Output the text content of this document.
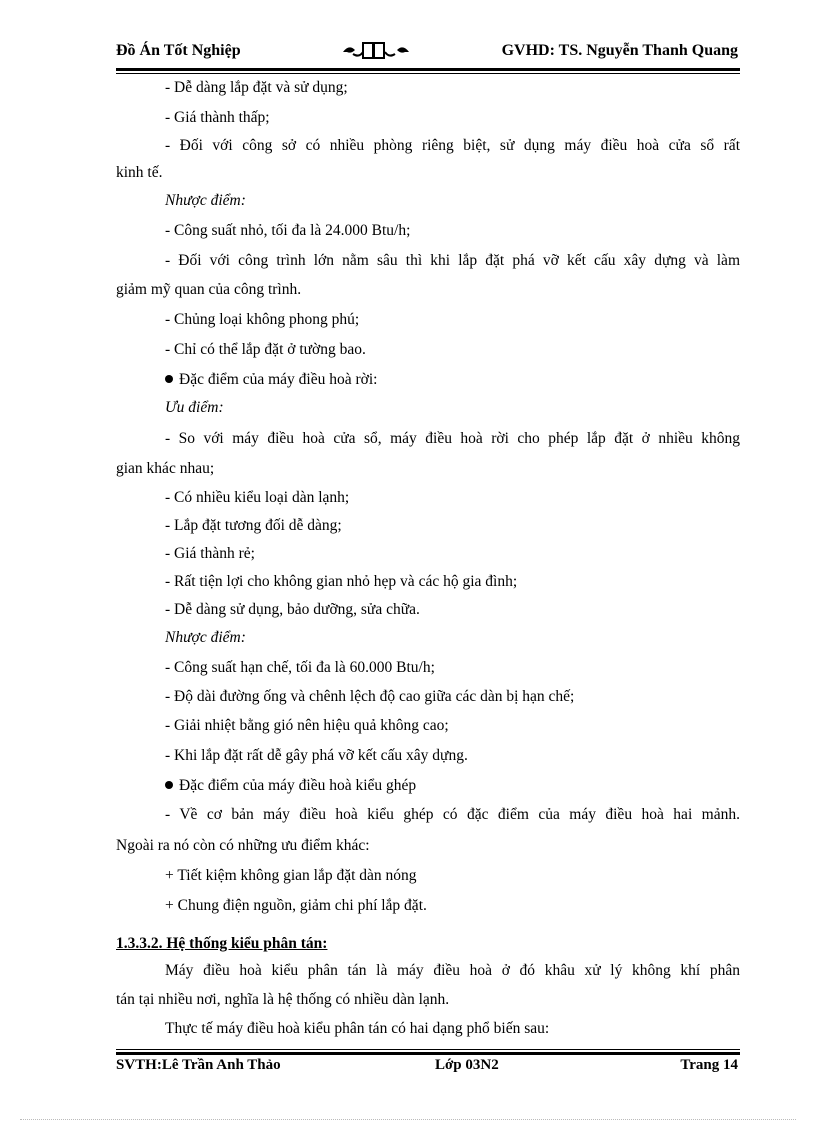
Đồ Án Tốt Nghiệp	GVHD: TS. Nguyễn Thanh Quang
- Dễ dàng lắp đặt và sử dụng;
- Giá thành thấp;
- Đối với công sở có nhiều phòng riêng biệt, sử dụng máy điều hoà cửa sổ rất
kinh tế.
Nhược điểm:
- Công suất nhỏ, tối đa là 24.000 Btu/h;
- Đối với công trình lớn nằm sâu thì khi lắp đặt phá vỡ kết cấu xây dựng và làm
giảm mỹ quan của công trình.
- Chủng loại không phong phú;
- Chỉ có thể lắp đặt ở tường bao.
Đặc điểm của máy điều hoà rời:
Ưu điểm:
- So với máy điều hoà cửa sổ, máy điều hoà rời cho phép lắp đặt ở nhiều không
gian khác nhau;
- Có nhiều kiểu loại dàn lạnh;
- Lắp đặt tương đối dễ dàng;
- Giá thành rẻ;
- Rất tiện lợi cho không gian nhỏ hẹp và các hộ gia đình;
- Dễ dàng sử dụng, bảo dưỡng, sửa chữa.
Nhược điểm:
- Công suất hạn chế, tối đa là 60.000 Btu/h;
- Độ dài đường ống và chênh lệch độ cao giữa các dàn bị hạn chế;
- Giải nhiệt bằng gió nên hiệu quả không cao;
- Khi lắp đặt rất dễ gây phá vỡ kết cấu xây dựng.
Đặc điểm của máy điều hoà kiểu ghép
- Về cơ bản máy điều hoà kiểu ghép có đặc điểm của máy điều hoà hai mảnh.
Ngoài ra nó còn có những ưu điểm khác:
+ Tiết kiệm không gian lắp đặt dàn nóng
+ Chung điện nguồn, giảm chi phí lắp đặt.
1.3.3.2. Hệ thống kiểu phân tán:
Máy điều hoà kiểu phân tán là máy điều hoà ở đó khâu xử lý không khí phân
tán tại nhiều nơi, nghĩa là hệ thống có nhiều dàn lạnh.
Thực tế máy điều hoà kiểu phân tán có hai dạng phổ biến sau:
SVTH:Lê Trần Anh Thảo	Lớp 03N2	Trang 14
